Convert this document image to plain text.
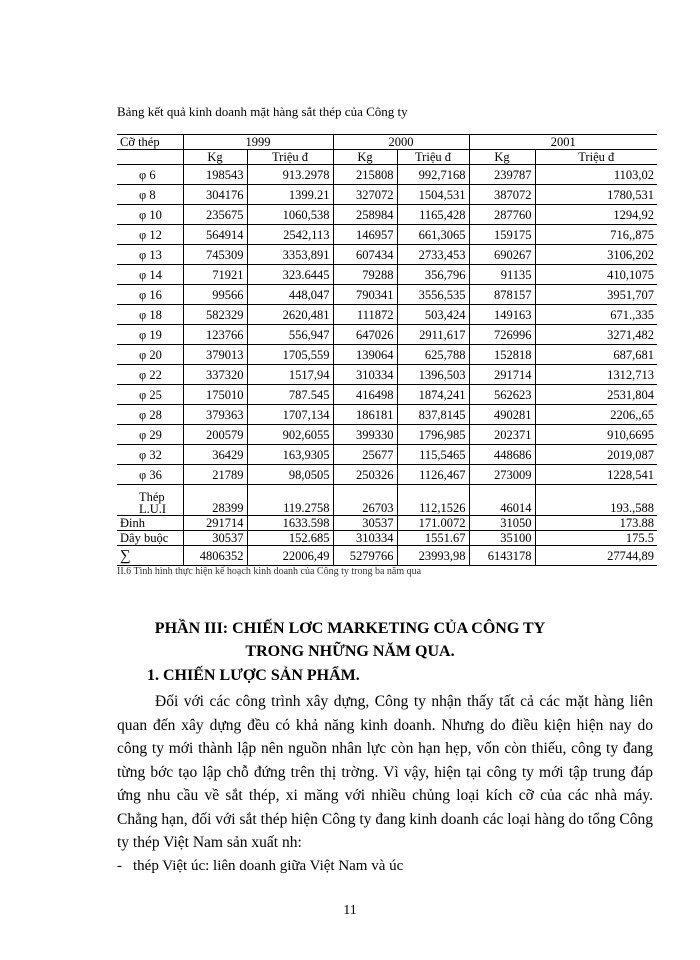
Bảng kết quả kinh doanh mặt hàng sắt thép của Công ty
Cỡ thép	1999		2000		2001	
	Kg	Triệu đ	Kg	Triệu đ	Kg	Triệu đ
φ 6	198543	913.2978	215808	992,7168	239787	1103,02
φ 8	304176	1399.21	327072	1504,531	387072	1780,531
φ 10	235675	1060,538	258984	1165,428	287760	1294,92
φ 12	564914	2542,113	146957	661,3065	159175	716,,875
φ 13	745309	3353,891	607434	2733,453	690267	3106,202
φ 14	71921	323.6445	79288	356,796	91135	410,1075
φ 16	99566	448,047	790341	3556,535	878157	3951,707
φ 18	582329	2620,481	111872	503,424	149163	671.,335
φ 19	123766	556,947	647026	2911,617	726996	3271,482
φ 20	379013	1705,559	139064	625,788	152818	687,681
φ 22	337320	1517,94	310334	1396,503	291714	1312,713
φ 25	175010	787.545	416498	1874,241	562623	2531,804
φ 28	379363	1707,134	186181	837,8145	490281	2206,,65
φ 29	200579	902,6055	399330	1796,985	202371	910,6695
φ 32	36429	163,9305	25677	115,5465	448686	2019,087
φ 36	21789	98,0505	250326	1126,467	273009	1228,541

Thép
L.U.I	28399	119.2758	26703	112,1526	46014	193.,588
Đinh	291714	1633.598	30537	171.0072	31050	173.88
Dây buộc	30537	152.685	310334	1551.67	35100	175.5
∑	4806352	22006,49	5279766	23993,98	6143178	27744,89
II.6 Tình hình thực hiện kế hoạch kinh doanh của Công ty trong ba năm qua
PHẦN III: CHIẾN LƠC MARKETING CỦA CÔNG TY
TRONG NHỮNG NĂM QUA.
1. CHIẾN LƯỢC SẢN PHẨM.
Đối với các công trình xây dựng, Công ty nhận thấy tất cả các mặt hàng liên quan đến xây dựng đều có khả năng kinh doanh. Nhưng do điều kiện hiện nay do công ty mới thành lập nên nguồn nhân lực còn hạn hẹp, vốn còn thiếu, công ty đang từng bớc tạo lập chỗ đứng trên thị trờng. Vì vậy, hiện tại công ty mới tập trung đáp ứng nhu cầu về sắt thép, xi măng với nhiều chủng loại kích cỡ của các nhà máy. Chẳng hạn, đối với sắt thép hiện Công ty đang kinh doanh các loại hàng do tổng Công ty thép Việt Nam sản xuất nh:
- thép Việt úc: liên doanh giữa Việt Nam và úc
11
